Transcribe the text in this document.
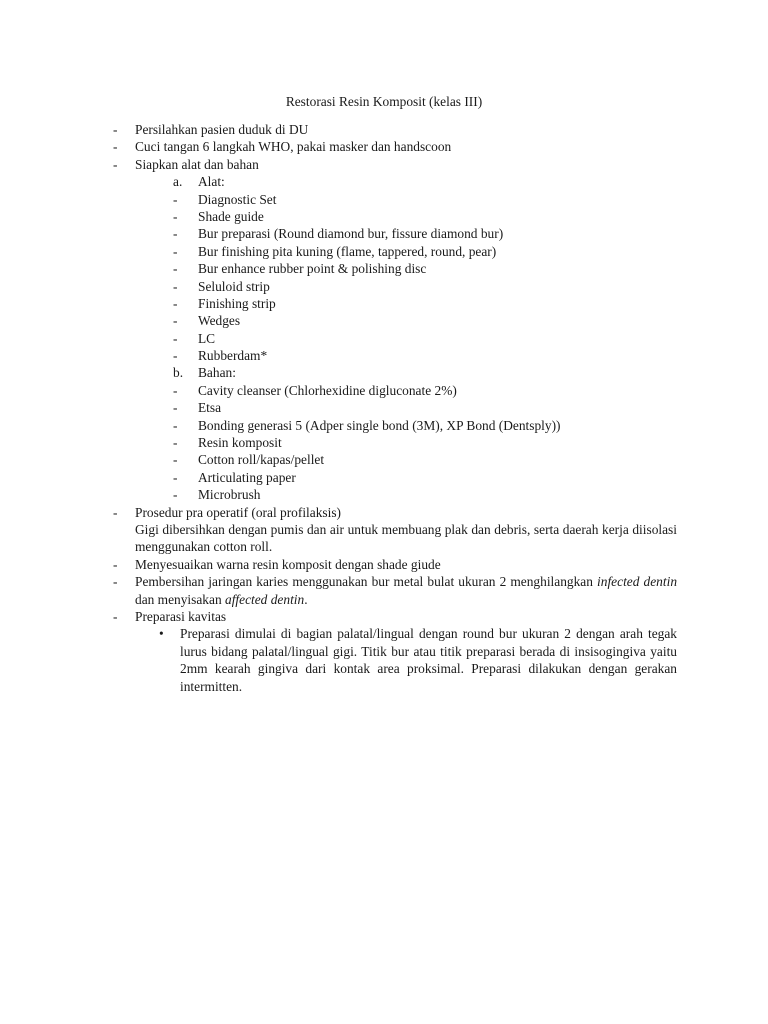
Restorasi Resin Komposit (kelas III)
- Persilahkan pasien duduk di DU
- Cuci tangan 6 langkah WHO, pakai masker dan handscoon
- Siapkan alat dan bahan
a. Alat:
- Diagnostic Set
- Shade guide
- Bur preparasi (Round diamond bur, fissure diamond bur)
- Bur finishing pita kuning (flame, tappered, round, pear)
- Bur enhance rubber point & polishing disc
- Seluloid strip
- Finishing strip
- Wedges
- LC
- Rubberdam*
b. Bahan:
- Cavity cleanser (Chlorhexidine digluconate 2%)
- Etsa
- Bonding generasi 5 (Adper single bond (3M), XP Bond (Dentsply))
- Resin komposit
- Cotton roll/kapas/pellet
- Articulating paper
- Microbrush
- Prosedur pra operatif (oral profilaksis)
Gigi dibersihkan dengan pumis dan air untuk membuang plak dan debris, serta daerah kerja diisolasi menggunakan cotton roll.
- Menyesuaikan warna resin komposit dengan shade giude
- Pembersihan jaringan karies menggunakan bur metal bulat ukuran 2 menghilangkan infected dentin dan menyisakan affected dentin.
- Preparasi kavitas
• Preparasi dimulai di bagian palatal/lingual dengan round bur ukuran 2 dengan arah tegak lurus bidang palatal/lingual gigi. Titik bur atau titik preparasi berada di insisogingiva yaitu 2mm kearah gingiva dari kontak area proksimal. Preparasi dilakukan dengan gerakan intermitten.
